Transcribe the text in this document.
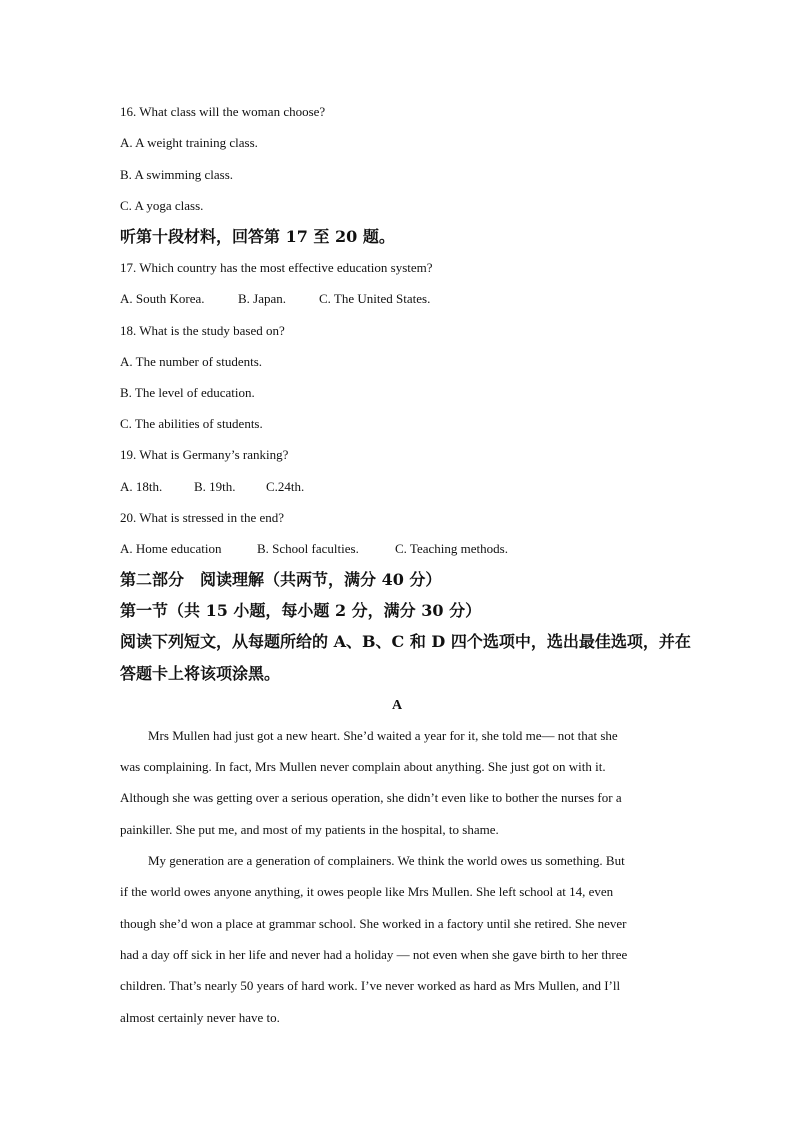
16. What class will the woman choose?
A. A weight training class.
B. A swimming class.
C. A yoga class.
听第十段材料，回答第 17 至 20 题。
17. Which country has the most effective education system?
A. South Korea.	B. Japan.	C. The United States.
18. What is the study based on?
A. The number of students.
B. The level of education.
C. The abilities of students.
19. What is Germany’s ranking?
A. 18th. B. 19th. C.24th.
20. What is stressed in the end?
A. Home education	B. School faculties.	C. Teaching methods.
第二部分　阅读理解（共两节，满分 40 分）
第一节（共 15 小题，每小题 2 分，满分 30 分）
阅读下列短文，从每题所给的 A、B、C 和 D 四个选项中，选出最佳选项，并在
答题卡上将该项涂黑。
A
Mrs Mullen had just got a new heart. She’d waited a year for it, she told me— not that she
was complaining. In fact, Mrs Mullen never complain about anything. She just got on with it.
Although she was getting over a serious operation, she didn’t even like to bother the nurses for a
painkiller. She put me, and most of my patients in the hospital, to shame.
My generation are a generation of complainers. We think the world owes us something. But
if the world owes anyone anything, it owes people like Mrs Mullen. She left school at 14, even
though she’d won a place at grammar school. She worked in a factory until she retired. She never
had a day off sick in her life and never had a holiday — not even when she gave birth to her three
children. That’s nearly 50 years of hard work. I’ve never worked as hard as Mrs Mullen, and I’ll
almost certainly never have to.
